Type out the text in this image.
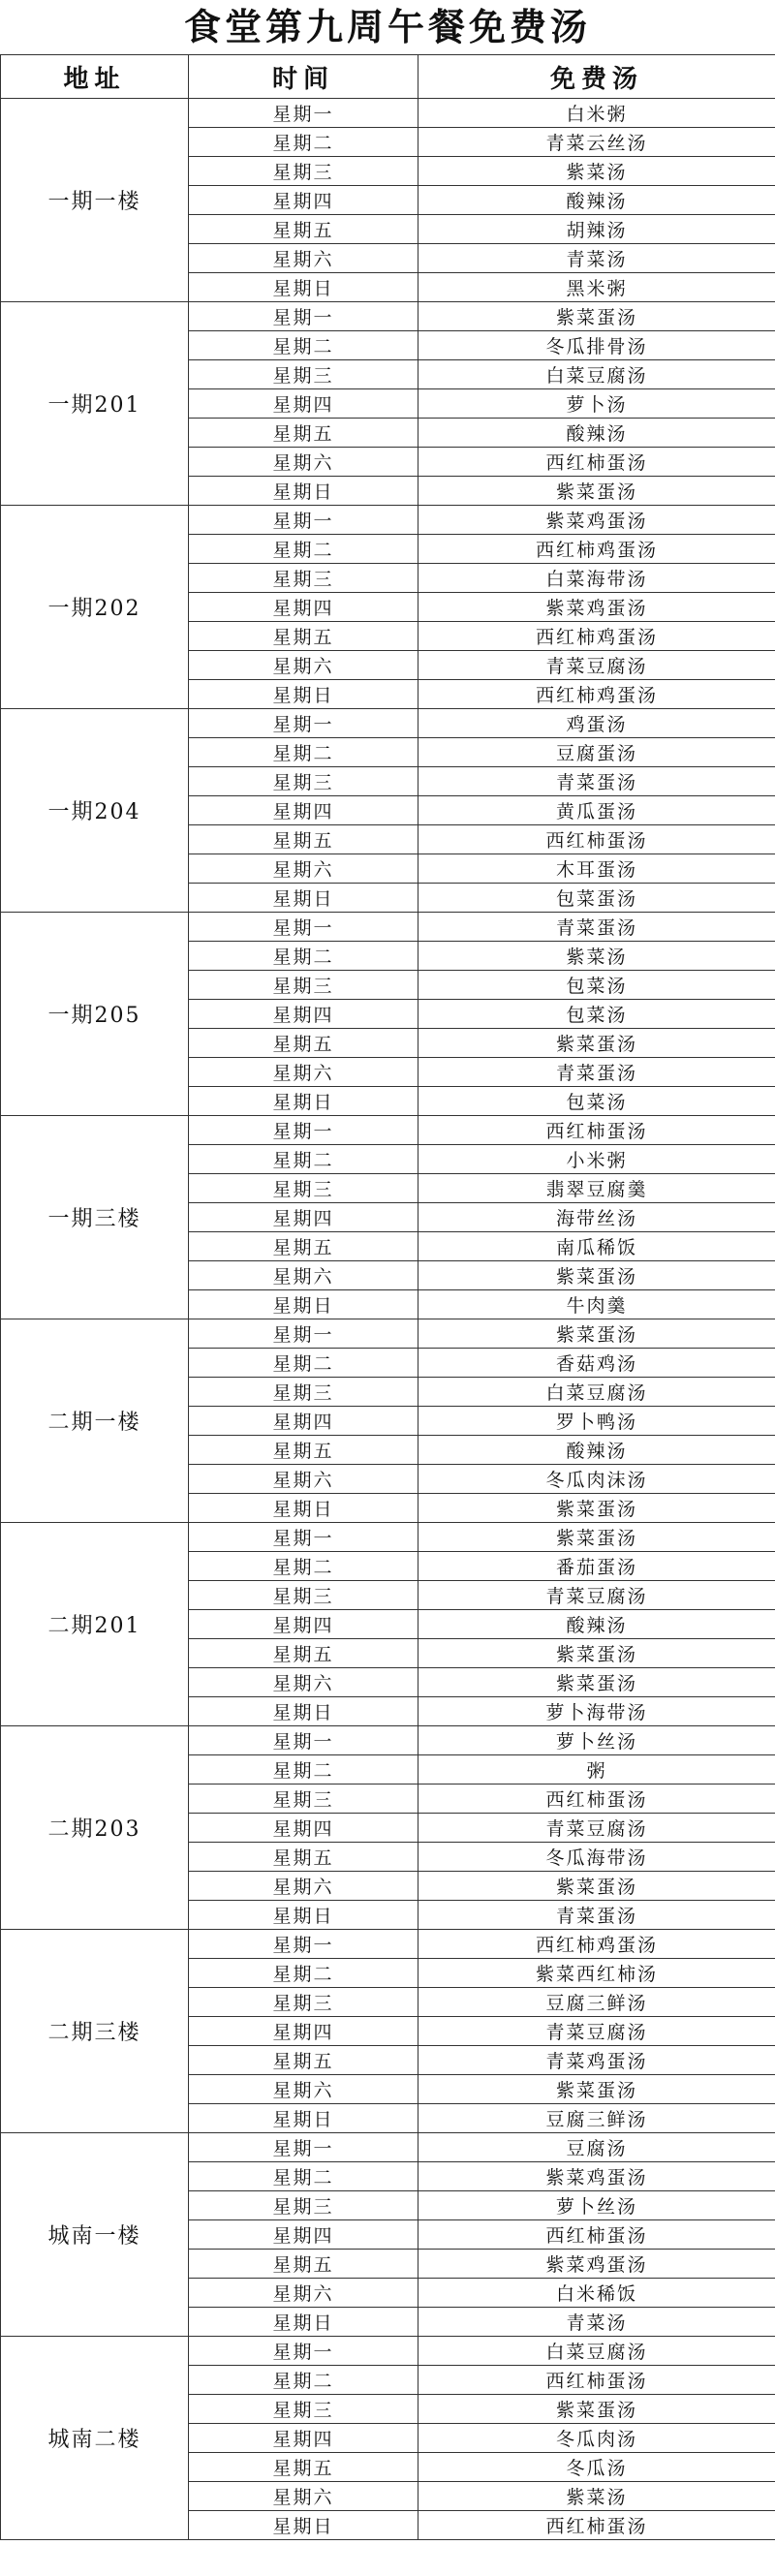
食堂第九周午餐免费汤
地址	时间	免费汤
一期一楼	星期一	白米粥
	星期二	青菜云丝汤
	星期三	紫菜汤
	星期四	酸辣汤
	星期五	胡辣汤
	星期六	青菜汤
	星期日	黑米粥
一期201	星期一	紫菜蛋汤
	星期二	冬瓜排骨汤
	星期三	白菜豆腐汤
	星期四	萝卜汤
	星期五	酸辣汤
	星期六	西红柿蛋汤
	星期日	紫菜蛋汤
一期202	星期一	紫菜鸡蛋汤
	星期二	西红柿鸡蛋汤
	星期三	白菜海带汤
	星期四	紫菜鸡蛋汤
	星期五	西红柿鸡蛋汤
	星期六	青菜豆腐汤
	星期日	西红柿鸡蛋汤
一期204	星期一	鸡蛋汤
	星期二	豆腐蛋汤
	星期三	青菜蛋汤
	星期四	黄瓜蛋汤
	星期五	西红柿蛋汤
	星期六	木耳蛋汤
	星期日	包菜蛋汤
一期205	星期一	青菜蛋汤
	星期二	紫菜汤
	星期三	包菜汤
	星期四	包菜汤
	星期五	紫菜蛋汤
	星期六	青菜蛋汤
	星期日	包菜汤
一期三楼	星期一	西红柿蛋汤
	星期二	小米粥
	星期三	翡翠豆腐羹
	星期四	海带丝汤
	星期五	南瓜稀饭
	星期六	紫菜蛋汤
	星期日	牛肉羹
二期一楼	星期一	紫菜蛋汤
	星期二	香菇鸡汤
	星期三	白菜豆腐汤
	星期四	罗卜鸭汤
	星期五	酸辣汤
	星期六	冬瓜肉沫汤
	星期日	紫菜蛋汤
二期201	星期一	紫菜蛋汤
	星期二	番茄蛋汤
	星期三	青菜豆腐汤
	星期四	酸辣汤
	星期五	紫菜蛋汤
	星期六	紫菜蛋汤
	星期日	萝卜海带汤
二期203	星期一	萝卜丝汤
	星期二	粥
	星期三	西红柿蛋汤
	星期四	青菜豆腐汤
	星期五	冬瓜海带汤
	星期六	紫菜蛋汤
	星期日	青菜蛋汤
二期三楼	星期一	西红柿鸡蛋汤
	星期二	紫菜西红柿汤
	星期三	豆腐三鲜汤
	星期四	青菜豆腐汤
	星期五	青菜鸡蛋汤
	星期六	紫菜蛋汤
	星期日	豆腐三鲜汤
城南一楼	星期一	豆腐汤
	星期二	紫菜鸡蛋汤
	星期三	萝卜丝汤
	星期四	西红柿蛋汤
	星期五	紫菜鸡蛋汤
	星期六	白米稀饭
	星期日	青菜汤
城南二楼	星期一	白菜豆腐汤
	星期二	西红柿蛋汤
	星期三	紫菜蛋汤
	星期四	冬瓜肉汤
	星期五	冬瓜汤
	星期六	紫菜汤
	星期日	西红柿蛋汤
